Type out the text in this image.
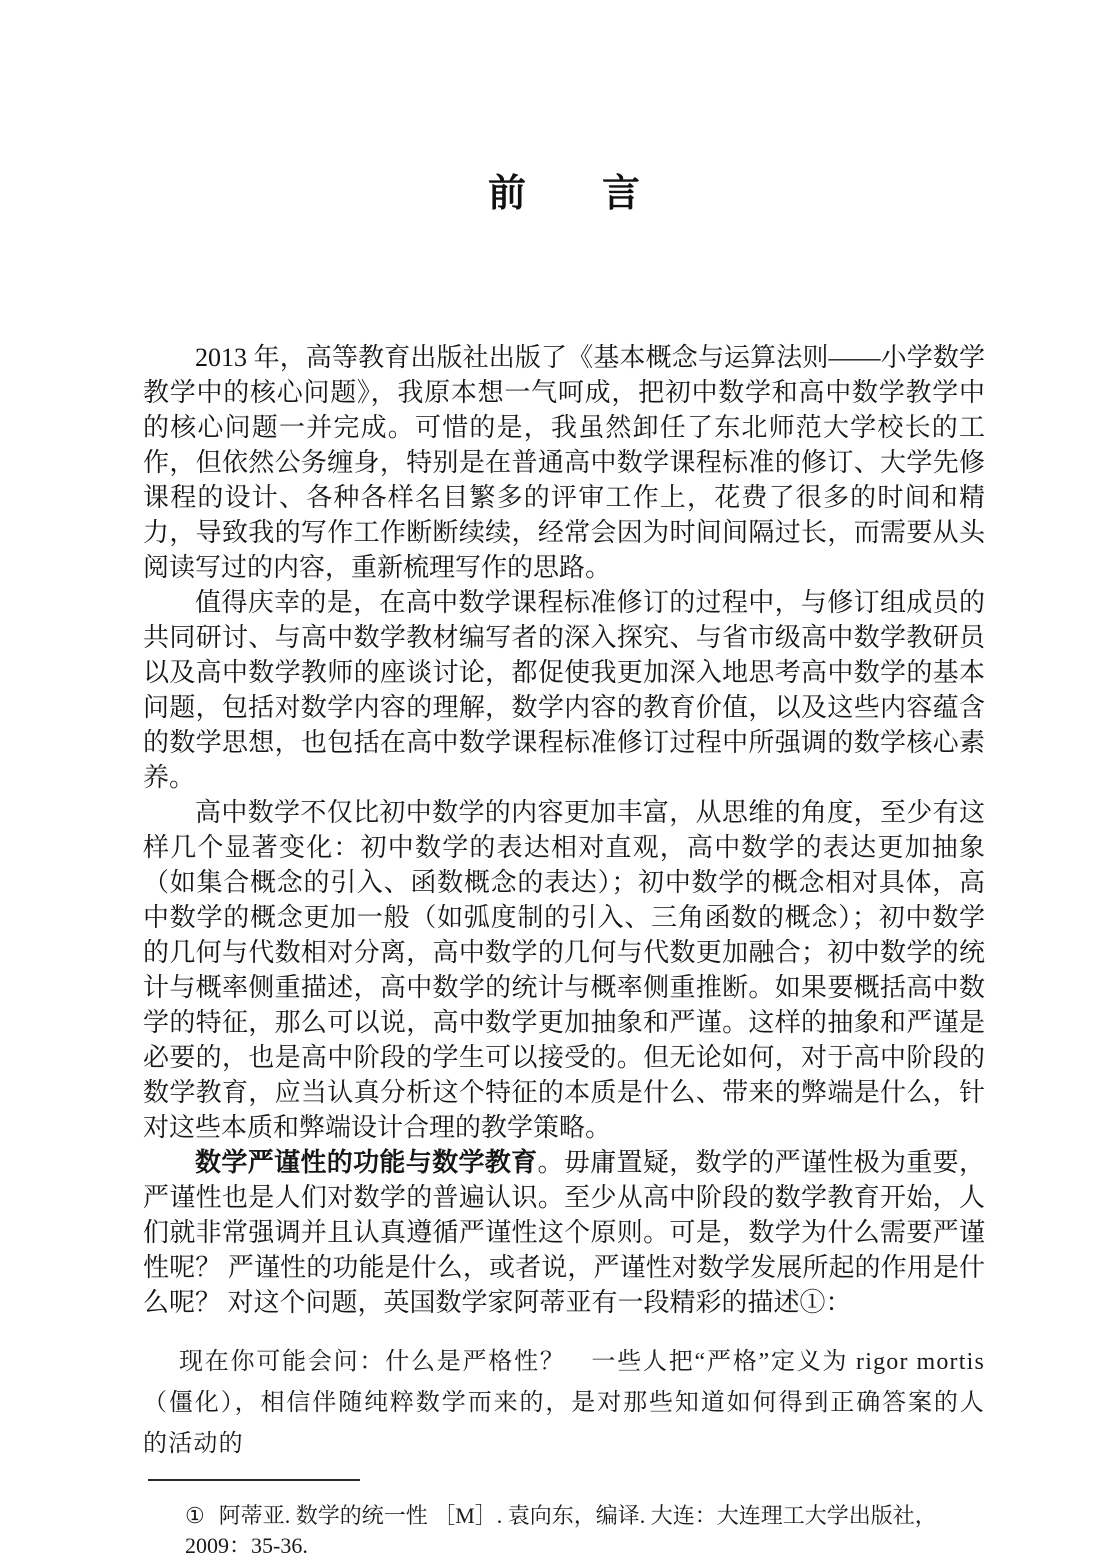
前　　言

2013 年，高等教育出版社出版了《基本概念与运算法则——小学数学教学中的核心问题》，我原本想一气呵成，把初中数学和高中数学教学中的核心问题一并完成。可惜的是，我虽然卸任了东北师范大学校长的工作，但依然公务缠身，特别是在普通高中数学课程标准的修订、大学先修课程的设计、各种各样名目繁多的评审工作上，花费了很多的时间和精力，导致我的写作工作断断续续，经常会因为时间间隔过长，而需要从头阅读写过的内容，重新梳理写作的思路。

值得庆幸的是，在高中数学课程标准修订的过程中，与修订组成员的共同研讨、与高中数学教材编写者的深入探究、与省市级高中数学教研员以及高中数学教师的座谈讨论，都促使我更加深入地思考高中数学的基本问题，包括对数学内容的理解，数学内容的教育价值，以及这些内容蕴含的数学思想，也包括在高中数学课程标准修订过程中所强调的数学核心素养。

高中数学不仅比初中数学的内容更加丰富，从思维的角度，至少有这样几个显著变化：初中数学的表达相对直观，高中数学的表达更加抽象（如集合概念的引入、函数概念的表达）；初中数学的概念相对具体，高中数学的概念更加一般（如弧度制的引入、三角函数的概念）；初中数学的几何与代数相对分离，高中数学的几何与代数更加融合；初中数学的统计与概率侧重描述，高中数学的统计与概率侧重推断。如果要概括高中数学的特征，那么可以说，高中数学更加抽象和严谨。这样的抽象和严谨是必要的，也是高中阶段的学生可以接受的。但无论如何，对于高中阶段的数学教育，应当认真分析这个特征的本质是什么、带来的弊端是什么，针对这些本质和弊端设计合理的教学策略。

数学严谨性的功能与数学教育。毋庸置疑，数学的严谨性极为重要，严谨性也是人们对数学的普遍认识。至少从高中阶段的数学教育开始，人们就非常强调并且认真遵循严谨性这个原则。可是，数学为什么需要严谨性呢？ 严谨性的功能是什么，或者说，严谨性对数学发展所起的作用是什么呢？ 对这个问题，英国数学家阿蒂亚有一段精彩的描述①：

现在你可能会问：什么是严格性？　一些人把“严格”定义为 rigor mortis（僵化），相信伴随纯粹数学而来的，是对那些知道如何得到正确答案的人的活动的

① 阿蒂亚. 数学的统一性 ［M］. 袁向东，编译. 大连：大连理工大学出版社，2009：35-36.
